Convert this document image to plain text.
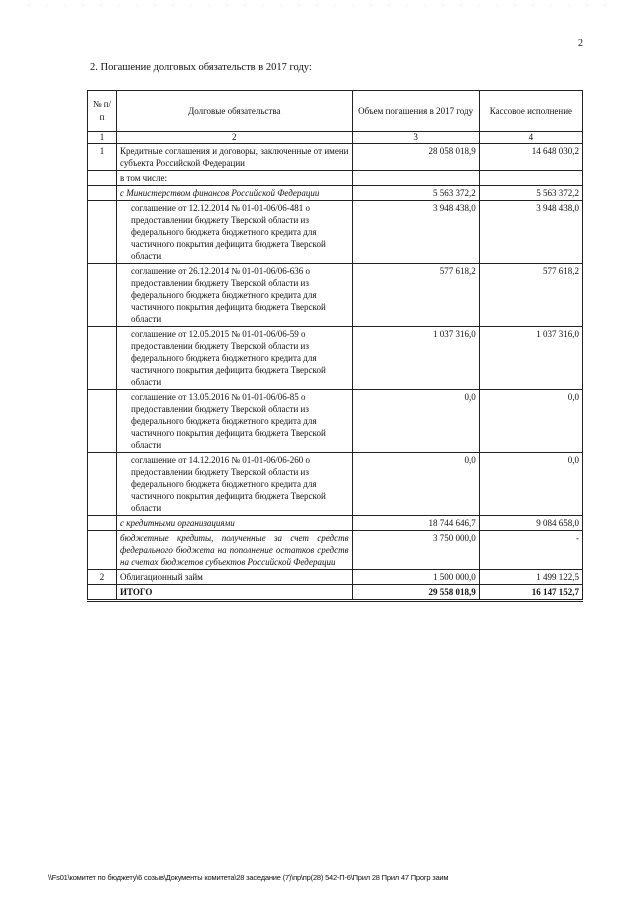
2
2. Погашение долговых обязательств в 2017 году:
№ п/п	Долговые обязательства	Объем погашения в 2017 году	Кассовое исполнение
1	2	3	4
1	Кредитные соглашения и договоры, заключенные от имени субъекта Российской Федерации	28 058 018,9	14 648 030,2
	в том числе:		
	с Министерством финансов Российской Федерации	5 563 372,2	5 563 372,2
	соглашение от 12.12.2014 № 01-01-06/06-481 о предоставлении бюджету Тверской области из федерального бюджета бюджетного кредита для частичного покрытия дефицита бюджета Тверской области	3 948 438,0	3 948 438,0
	соглашение от 26.12.2014 № 01-01-06/06-636 о предоставлении бюджету Тверской области из федерального бюджета бюджетного кредита для частичного покрытия дефицита бюджета Тверской области	577 618,2	577 618,2
	соглашение от 12.05.2015 № 01-01-06/06-59 о предоставлении бюджету Тверской области из федерального бюджета бюджетного кредита для частичного покрытия дефицита бюджета Тверской области	1 037 316,0	1 037 316,0
	соглашение от 13.05.2016 № 01-01-06/06-85 о предоставлении бюджету Тверской области из федерального бюджета бюджетного кредита для частичного покрытия дефицита бюджета Тверской области	0,0	0,0
	соглашение от 14.12.2016 № 01-01-06/06-260 о предоставлении бюджету Тверской области из федерального бюджета бюджетного кредита для частичного покрытия дефицита бюджета Тверской области	0,0	0,0
	с кредитными организациями	18 744 646,7	9 084 658,0
	бюджетные кредиты, полученные за счет средств федерального бюджета на пополнение остатков средств на счетах бюджетов субъектов Российской Федерации	3 750 000,0	-
2	Облигационный займ	1 500 000,0	1 499 122,5
	ИТОГО	29 558 018,9	16 147 152,7
\\Fs01\комитет по бюджету\6 созыв\Документы комитета\28 заседание (7)\пр\пр(28) 542-П-6\Прил 28 Прил 47 Прогр заим
